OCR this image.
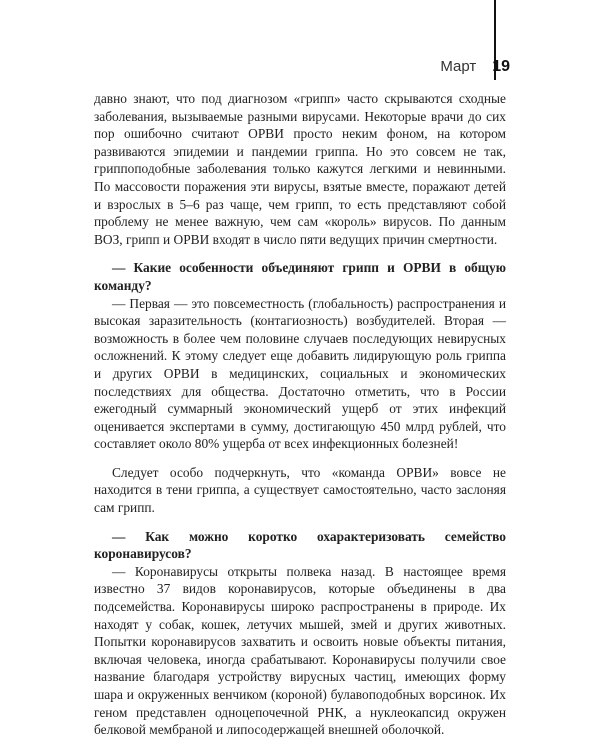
Март 19

давно знают, что под диагнозом «грипп» часто скрываются сходные заболевания, вызываемые разными вирусами. Некоторые врачи до сих пор ошибочно считают ОРВИ просто неким фоном, на котором развиваются эпидемии и пандемии гриппа. Но это совсем не так, гриппоподобные заболевания только кажутся легкими и невинными. По массовости поражения эти вирусы, взятые вместе, поражают детей и взрослых в 5–6 раз чаще, чем грипп, то есть представляют собой проблему не менее важную, чем сам «король» вирусов. По данным ВОЗ, грипп и ОРВИ входят в число пяти ведущих причин смертности.

— Какие особенности объединяют грипп и ОРВИ в общую команду?

— Первая — это повсеместность (глобальность) распространения и высокая заразительность (контагиозность) возбудителей. Вторая — возможность в более чем половине случаев последующих невирусных осложнений. К этому следует еще добавить лидирующую роль гриппа и других ОРВИ в медицинских, социальных и экономических последствиях для общества. Достаточно отметить, что в России ежегодный суммарный экономический ущерб от этих инфекций оценивается экспертами в сумму, достигающую 450 млрд рублей, что составляет около 80% ущерба от всех инфекционных болезней!

Следует особо подчеркнуть, что «команда ОРВИ» вовсе не находится в тени гриппа, а существует самостоятельно, часто заслоняя сам грипп.

— Как можно коротко охарактеризовать семейство коронавирусов?

— Коронавирусы открыты полвека назад. В настоящее время известно 37 видов коронавирусов, которые объединены в два подсемейства. Коронавирусы широко распространены в природе. Их находят у собак, кошек, летучих мышей, змей и других животных. Попытки коронавирусов захватить и освоить новые объекты питания, включая человека, иногда срабатывают. Коронавирусы получили свое название благодаря устройству вирусных частиц, имеющих форму шара и окруженных венчиком (короной) булавоподобных ворсинок. Их геном представлен одноцепочечной РНК, а нуклеокапсид окружен белковой мембраной и липосодержащей внешней оболочкой.
